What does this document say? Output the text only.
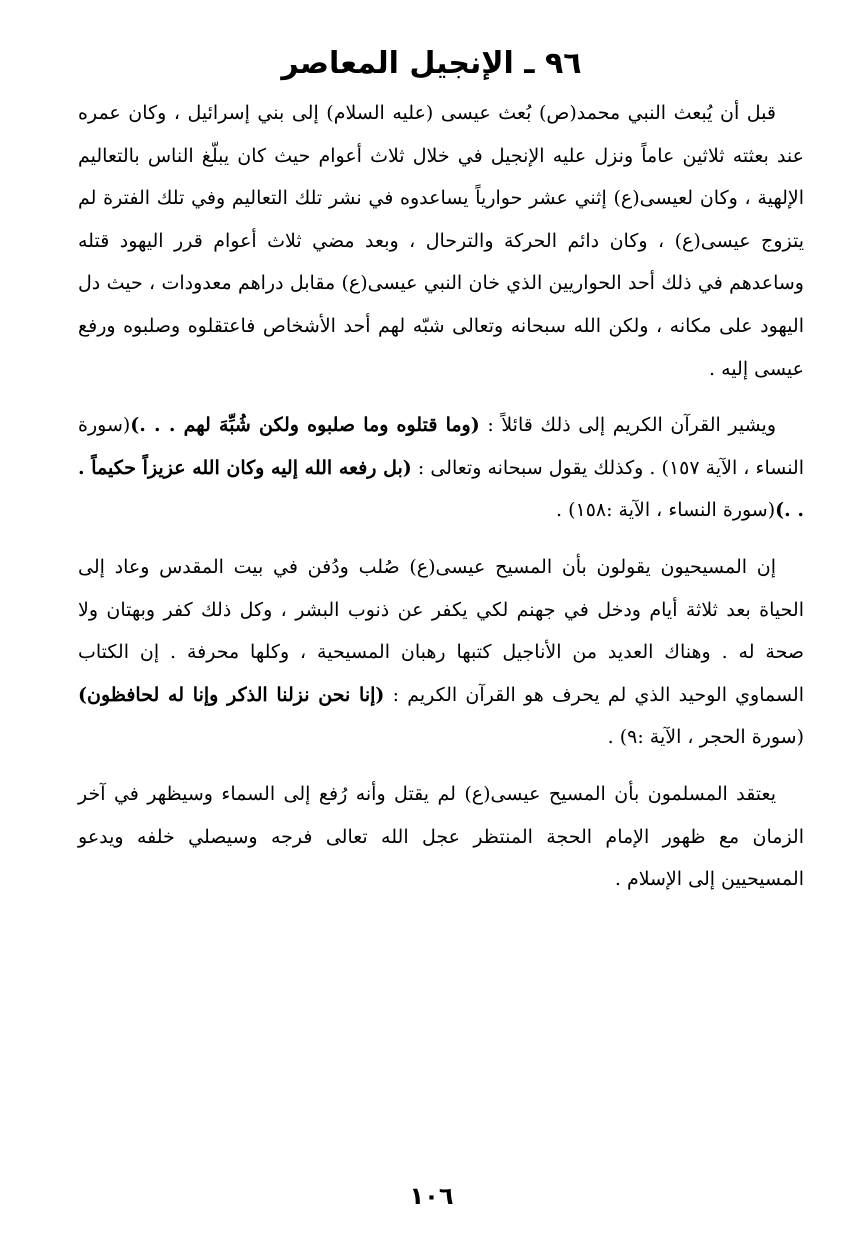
٩٦ ـ الإنجيل المعاصر

قبل أن يُبعث النبي محمد(ص) بُعث عيسى (عليه السلام) إلى بني إسرائيل ، وكان عمره عند بعثته ثلاثين عاماً ونزل عليه الإنجيل في خلال ثلاث أعوام حيث كان يبلّغ الناس بالتعاليم الإلهية ، وكان لعيسى(ع) إثني عشر حوارياً يساعدوه في نشر تلك التعاليم وفي تلك الفترة لم يتزوج عيسى(ع) ، وكان دائم الحركة والترحال ، وبعد مضي ثلاث أعوام قرر اليهود قتله وساعدهم في ذلك أحد الحواريين الذي خان النبي عيسى(ع) مقابل دراهم معدودات ، حيث دل اليهود على مكانه ، ولكن الله سبحانه وتعالى شبّه لهم أحد الأشخاص فاعتقلوه وصلبوه ورفع عيسى إليه .

ويشير القرآن الكريم إلى ذلك قائلاً : (وما قتلوه وما صلبوه ولكن شُبِّهَ لهم . . .)(سورة النساء ، الآية ١٥٧) . وكذلك يقول سبحانه وتعالى : (بل رفعه الله إليه وكان الله عزيزاً حكيماً . . .)(سورة النساء ، الآية :١٥٨) .

إن المسيحيون يقولون بأن المسيح عيسى(ع) صُلب ودُفن في بيت المقدس وعاد إلى الحياة بعد ثلاثة أيام ودخل في جهنم لكي يكفر عن ذنوب البشر ، وكل ذلك كفر وبهتان ولا صحة له . وهناك العديد من الأناجيل كتبها رهبان المسيحية ، وكلها محرفة . إن الكتاب السماوي الوحيد الذي لم يحرف هو القرآن الكريم : (إنا نحن نزلنا الذكر وإنا له لحافظون)(سورة الحجر ، الآية :٩) .

يعتقد المسلمون بأن المسيح عيسى(ع) لم يقتل وأنه رُفع إلى السماء وسيظهر في آخر الزمان مع ظهور الإمام الحجة المنتظر عجل الله تعالى فرجه وسيصلي خلفه ويدعو المسيحيين إلى الإسلام .

١٠٦
